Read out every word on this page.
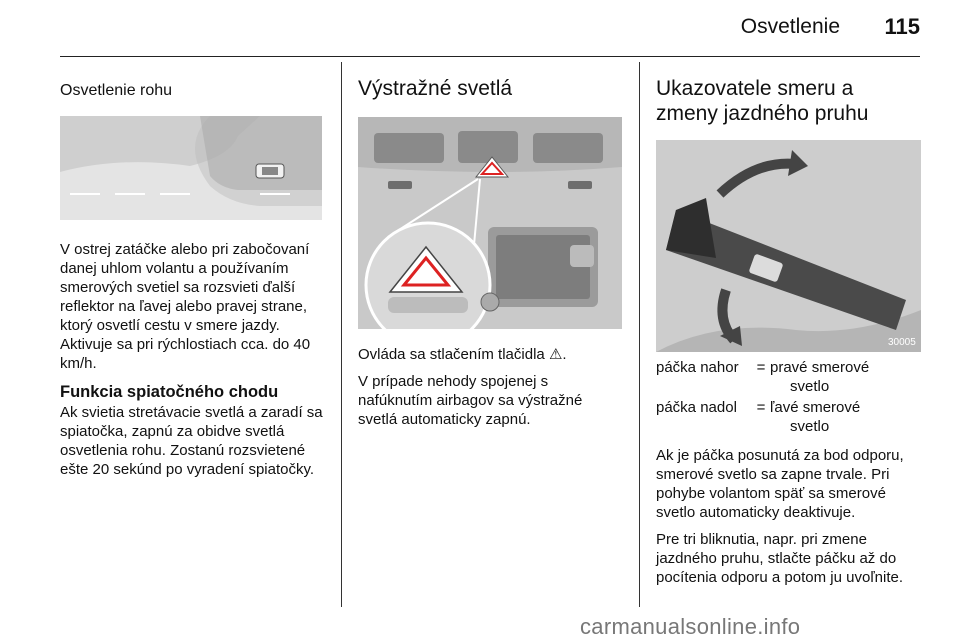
Osvetlenie 115
Osvetlenie rohu

V ostrej zatáčke alebo pri zabočovaní danej uhlom volantu a používaním smerových svetiel sa rozsvieti ďalší reflektor na ľavej alebo pravej strane, ktorý osvetlí cestu v smere jazdy. Aktivuje sa pri rýchlostiach cca. do 40 km/h.

Funkcia spiatočného chodu

Ak svietia stretávacie svetlá a zaradí sa spiatočka, zapnú za obidve svetlá osvetlenia rohu. Zostanú rozsvietené ešte 20 sekúnd po vyradení spiatočky.

Výstražné svetlá

Ovláda sa stlačením tlačidla ⚠.

V prípade nehody spojenej s nafúknutím airbagov sa výstražné svetlá automaticky zapnú.

Ukazovatele smeru a
zmeny jazdného pruhu
30005
páčka nahor	=	pravé smerové
svetlo
páčka nadol	=	ľavé smerové
svetlo

Ak je páčka posunutá za bod odporu, smerové svetlo sa zapne trvale. Pri pohybe volantom späť sa smerové svetlo automaticky deaktivuje.

Pre tri bliknutia, napr. pri zmene jazdného pruhu, stlačte páčku až do pocítenia odporu a potom ju uvoľnite.

carmanualsonline.info
